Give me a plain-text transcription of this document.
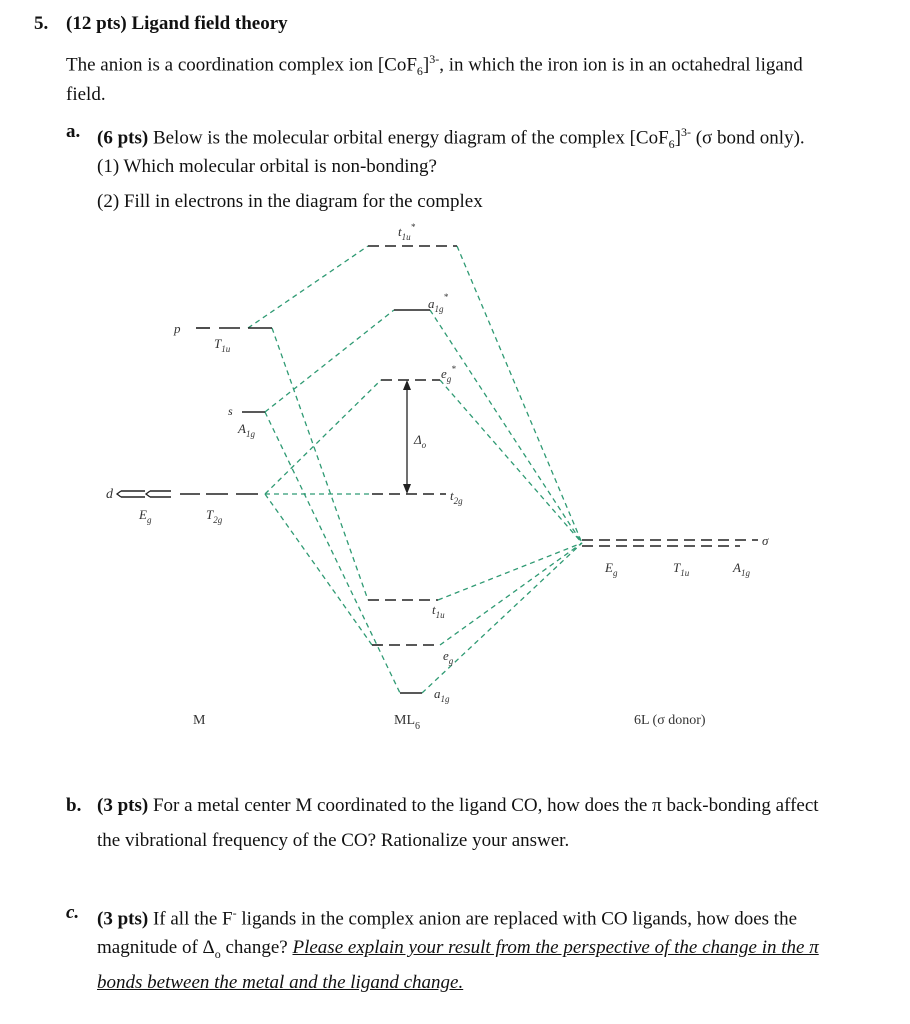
5. (12 pts) Ligand field theory
The anion is a coordination complex ion $[CoF_6]^{3-}$, in which the iron ion is in an octahedral ligand
field.
a. (6 pts) Below is the molecular orbital energy diagram of the complex $[CoF_6]^{3-}$ (σ bond only).
(1) Which molecular orbital is non-bonding?
(2) Fill in electrons in the diagram for the complex
p
$T_{1u}$
s
$A_{1g}$
d
$E_g$	$T_{2g}$
$t_{1u}^*$
$a_{1g}^*$
$e_g^*$
$\Delta_o$
$t_{2g}$
$t_{1u}$
$e_g$
$a_{1g}$
σ
$E_g$	$T_{1u}$	$A_{1g}$
M	$ML_6$	6L (σ donor)
b. (3 pts) For a metal center M coordinated to the ligand CO, how does the π back-bonding affect
the vibrational frequency of the CO? Rationalize your answer.
c. (3 pts) If all the F- ligands in the complex anion are replaced with CO ligands, how does the
magnitude of $\Delta_o$ change? Please explain your result from the perspective of the change in the π
bonds between the metal and the ligand change.
